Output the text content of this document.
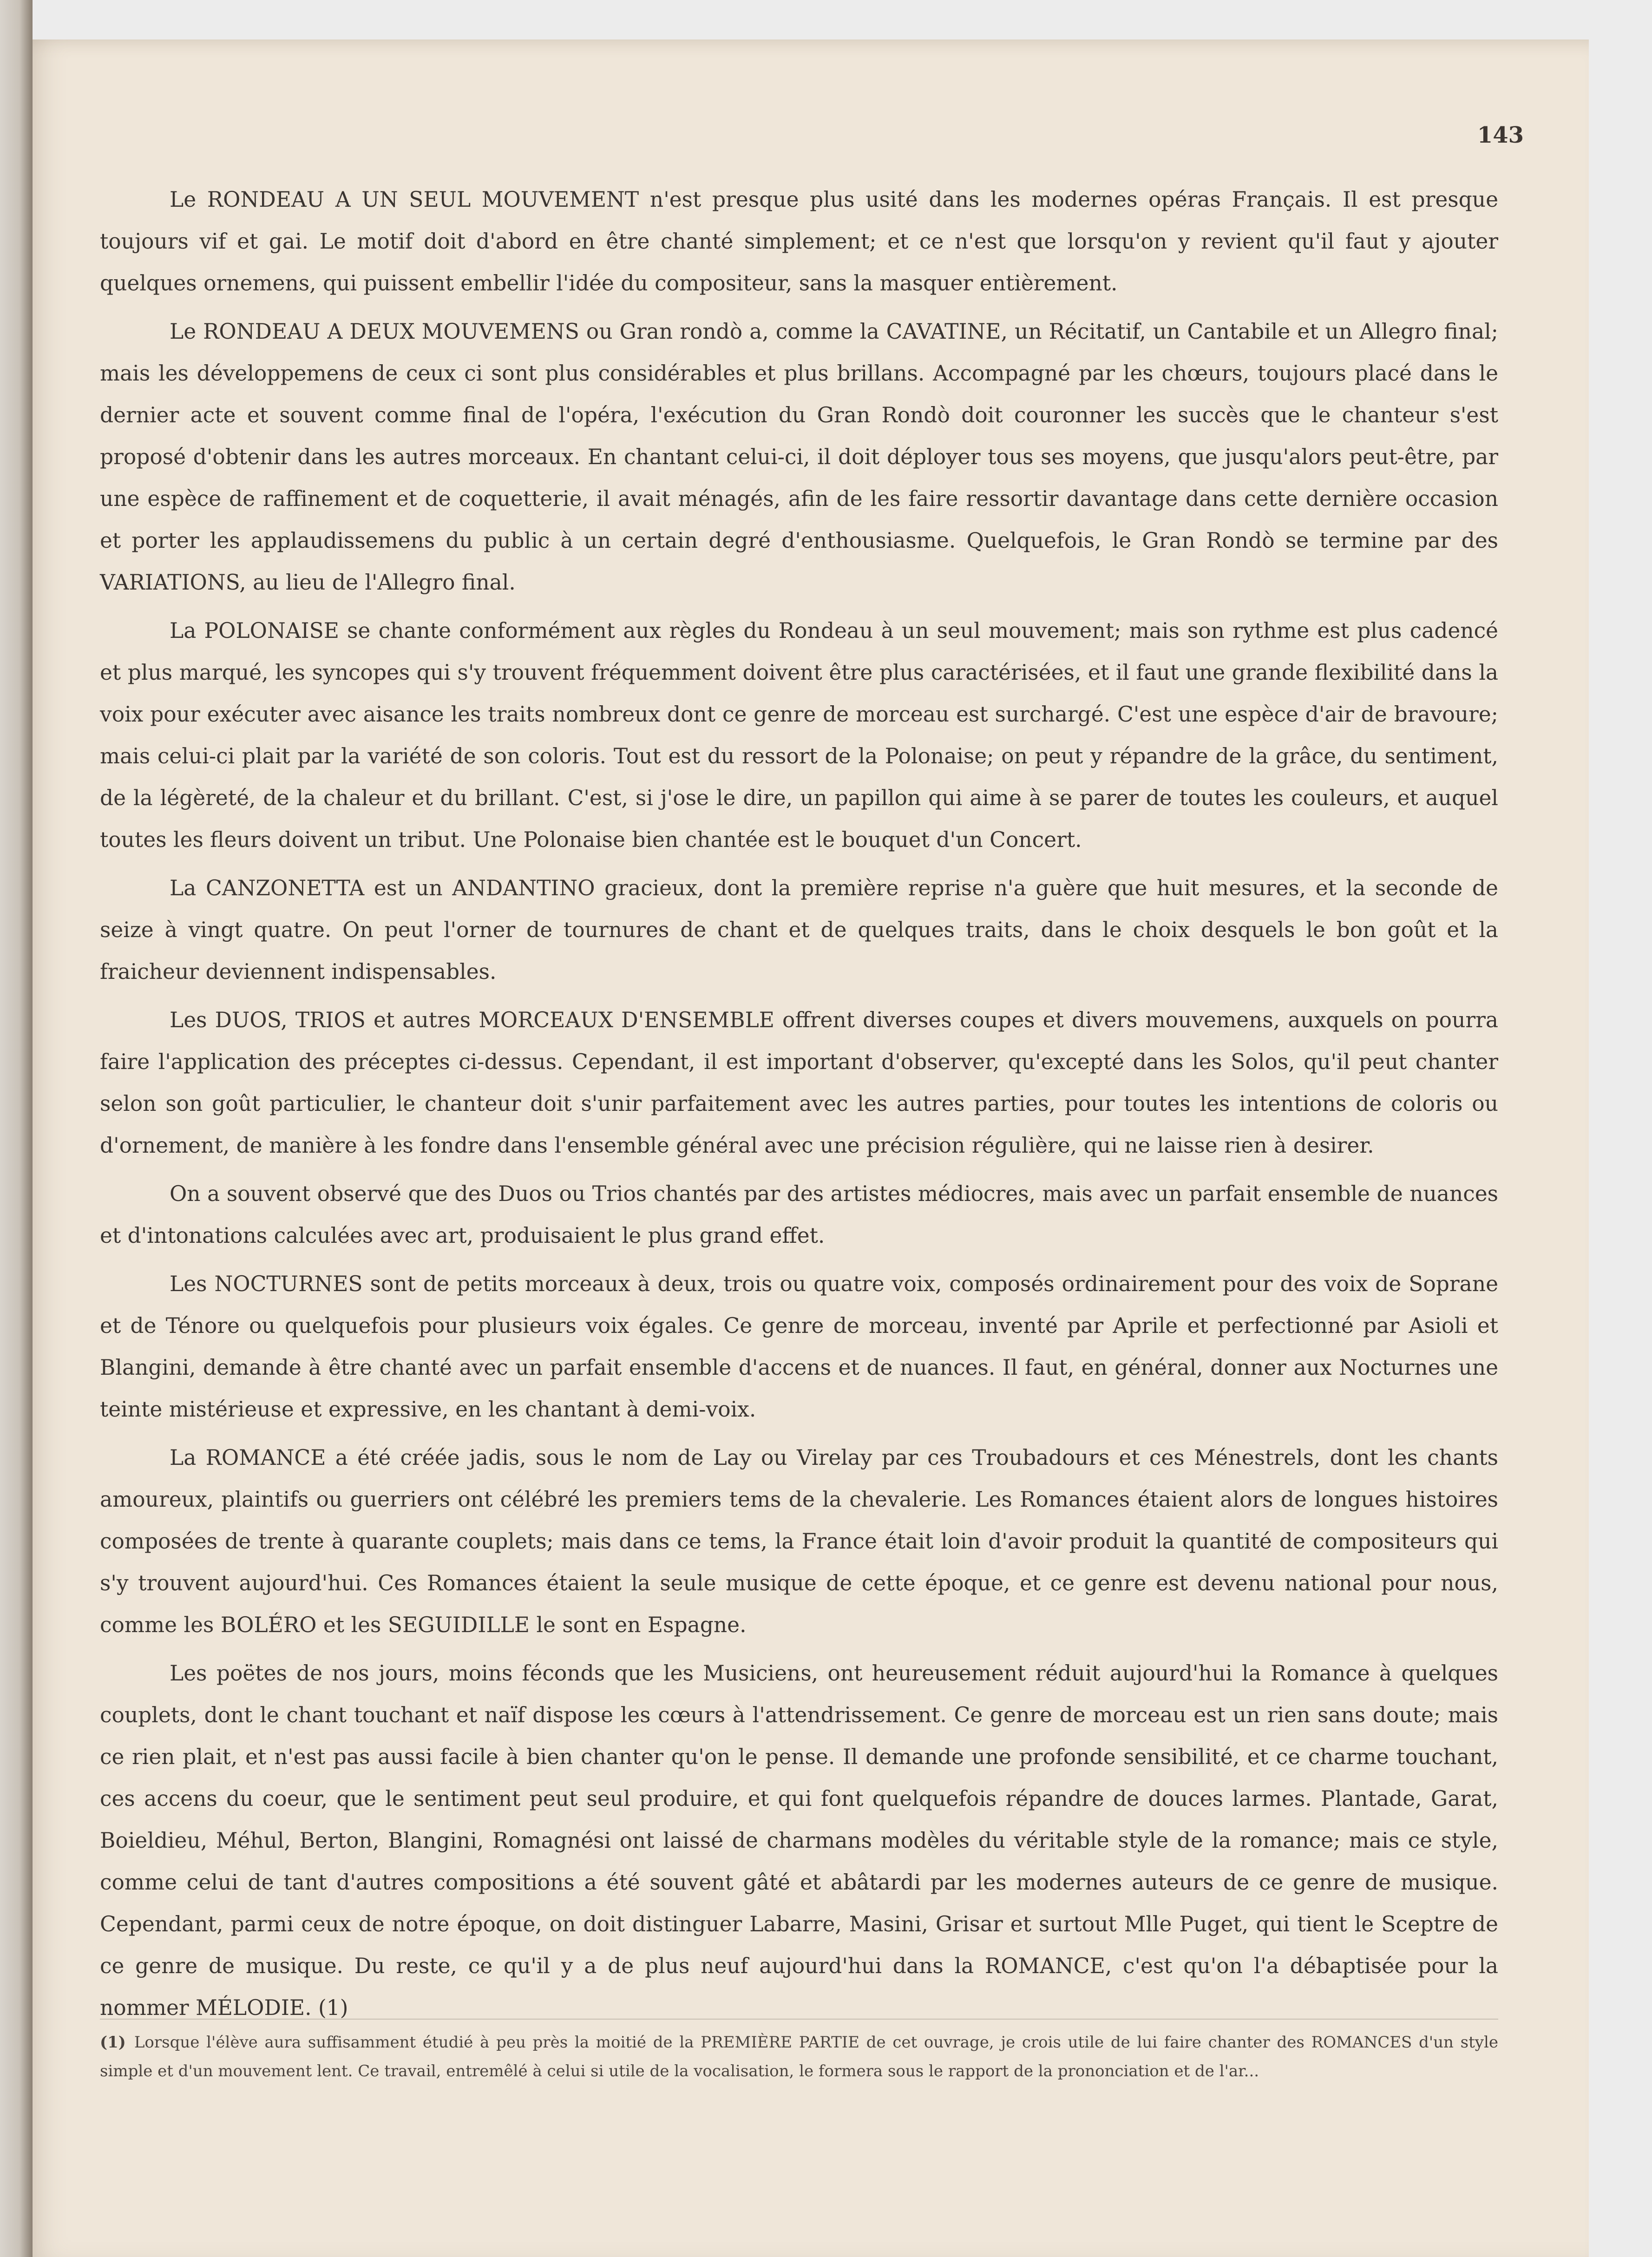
143

Le RONDEAU A UN SEUL MOUVEMENT n'est presque plus usité dans les modernes opéras Français. Il est presque toujours vif et gai. Le motif doit d'abord en être chanté simplement; et ce n'est que lorsqu'on y revient qu'il faut y ajouter quelques ornemens, qui puissent embellir l'idée du compositeur, sans la masquer entièrement.

Le RONDEAU A DEUX MOUVEMENS ou Gran rondò a, comme la CAVATINE, un Récitatif, un Cantabile et un Allegro final; mais les développemens de ceux ci sont plus considérables et plus brillans. Accompagné par les chœurs, toujours placé dans le dernier acte et souvent comme final de l'opéra, l'exécution du Gran Rondò doit couronner les succès que le chanteur s'est proposé d'obtenir dans les autres morceaux. En chantant celui-ci, il doit déployer tous ses moyens, que jusqu'alors peut-être, par une espèce de raffinement et de coquetterie, il avait ménagés, afin de les faire ressortir davantage dans cette dernière occasion et porter les applaudissemens du public à un certain degré d'enthousiasme. Quelquefois, le Gran Rondò se termine par des VARIATIONS, au lieu de l'Allegro final.

La POLONAISE se chante conformément aux règles du Rondeau à un seul mouvement; mais son rythme est plus cadencé et plus marqué, les syncopes qui s'y trouvent fréquemment doivent être plus caractérisées, et il faut une grande flexibilité dans la voix pour exécuter avec aisance les traits nombreux dont ce genre de morceau est surchargé. C'est une espèce d'air de bravoure; mais celui-ci plait par la variété de son coloris. Tout est du ressort de la Polonaise; on peut y répandre de la grâce, du sentiment, de la légèreté, de la chaleur et du brillant. C'est, si j'ose le dire, un papillon qui aime à se parer de toutes les couleurs, et auquel toutes les fleurs doivent un tribut. Une Polonaise bien chantée est le bouquet d'un Concert.

La CANZONETTA est un ANDANTINO gracieux, dont la première reprise n'a guère que huit mesures, et la seconde de seize à vingt quatre. On peut l'orner de tournures de chant et de quelques traits, dans le choix desquels le bon goût et la fraicheur deviennent indispensables.

Les DUOS, TRIOS et autres MORCEAUX D'ENSEMBLE offrent diverses coupes et divers mouvemens, auxquels on pourra faire l'application des préceptes ci-dessus. Cependant, il est important d'observer, qu'excepté dans les Solos, qu'il peut chanter selon son goût particulier, le chanteur doit s'unir parfaitement avec les autres parties, pour toutes les intentions de coloris ou d'ornement, de manière à les fondre dans l'ensemble général avec une précision régulière, qui ne laisse rien à desirer.

On a souvent observé que des Duos ou Trios chantés par des artistes médiocres, mais avec un parfait ensemble de nuances et d'intonations calculées avec art, produisaient le plus grand effet.

Les NOCTURNES sont de petits morceaux à deux, trois ou quatre voix, composés ordinairement pour des voix de Soprane et de Ténore ou quelquefois pour plusieurs voix égales. Ce genre de morceau, inventé par Aprile et perfectionné par Asioli et Blangini, demande à être chanté avec un parfait ensemble d'accens et de nuances. Il faut, en général, donner aux Nocturnes une teinte mistérieuse et expressive, en les chantant à demi-voix.

La ROMANCE a été créée jadis, sous le nom de Lay ou Virelay par ces Troubadours et ces Ménestrels, dont les chants amoureux, plaintifs ou guerriers ont célébré les premiers tems de la chevalerie. Les Romances étaient alors de longues histoires composées de trente à quarante couplets; mais dans ce tems, la France était loin d'avoir produit la quantité de compositeurs qui s'y trouvent aujourd'hui. Ces Romances étaient la seule musique de cette époque, et ce genre est devenu national pour nous, comme les BOLÉRO et les SEGUIDILLE le sont en Espagne.

Les poëtes de nos jours, moins féconds que les Musiciens, ont heureusement réduit aujourd'hui la Romance à quelques couplets, dont le chant touchant et naïf dispose les cœurs à l'attendrissement. Ce genre de morceau est un rien sans doute; mais ce rien plait, et n'est pas aussi facile à bien chanter qu'on le pense. Il demande une profonde sensibilité, et ce charme touchant, ces accens du coeur, que le sentiment peut seul produire, et qui font quelquefois répandre de douces larmes. Plantade, Garat, Boieldieu, Méhul, Berton, Blangini, Romagnési ont laissé de charmans modèles du véritable style de la romance; mais ce style, comme celui de tant d'autres compositions a été souvent gâté et abâtardi par les modernes auteurs de ce genre de musique. Cependant, parmi ceux de notre époque, on doit distinguer Labarre, Masini, Grisar et surtout Mlle Puget, qui tient le Sceptre de ce genre de musique. Du reste, ce qu'il y a de plus neuf aujourd'hui dans la ROMANCE, c'est qu'on l'a débaptisée pour la nommer MÉLODIE. (1)

(1) Lorsque l'élève aura suffisamment étudié à peu près la moitié de la PREMIÈRE PARTIE de cet ouvrage, je crois utile de lui faire chanter des ROMANCES d'un style simple et d'un mouvement lent. Ce travail, entremêlé à celui si utile de la vocalisation, le formera sous le rapport de la prononciation et de l'ar...
